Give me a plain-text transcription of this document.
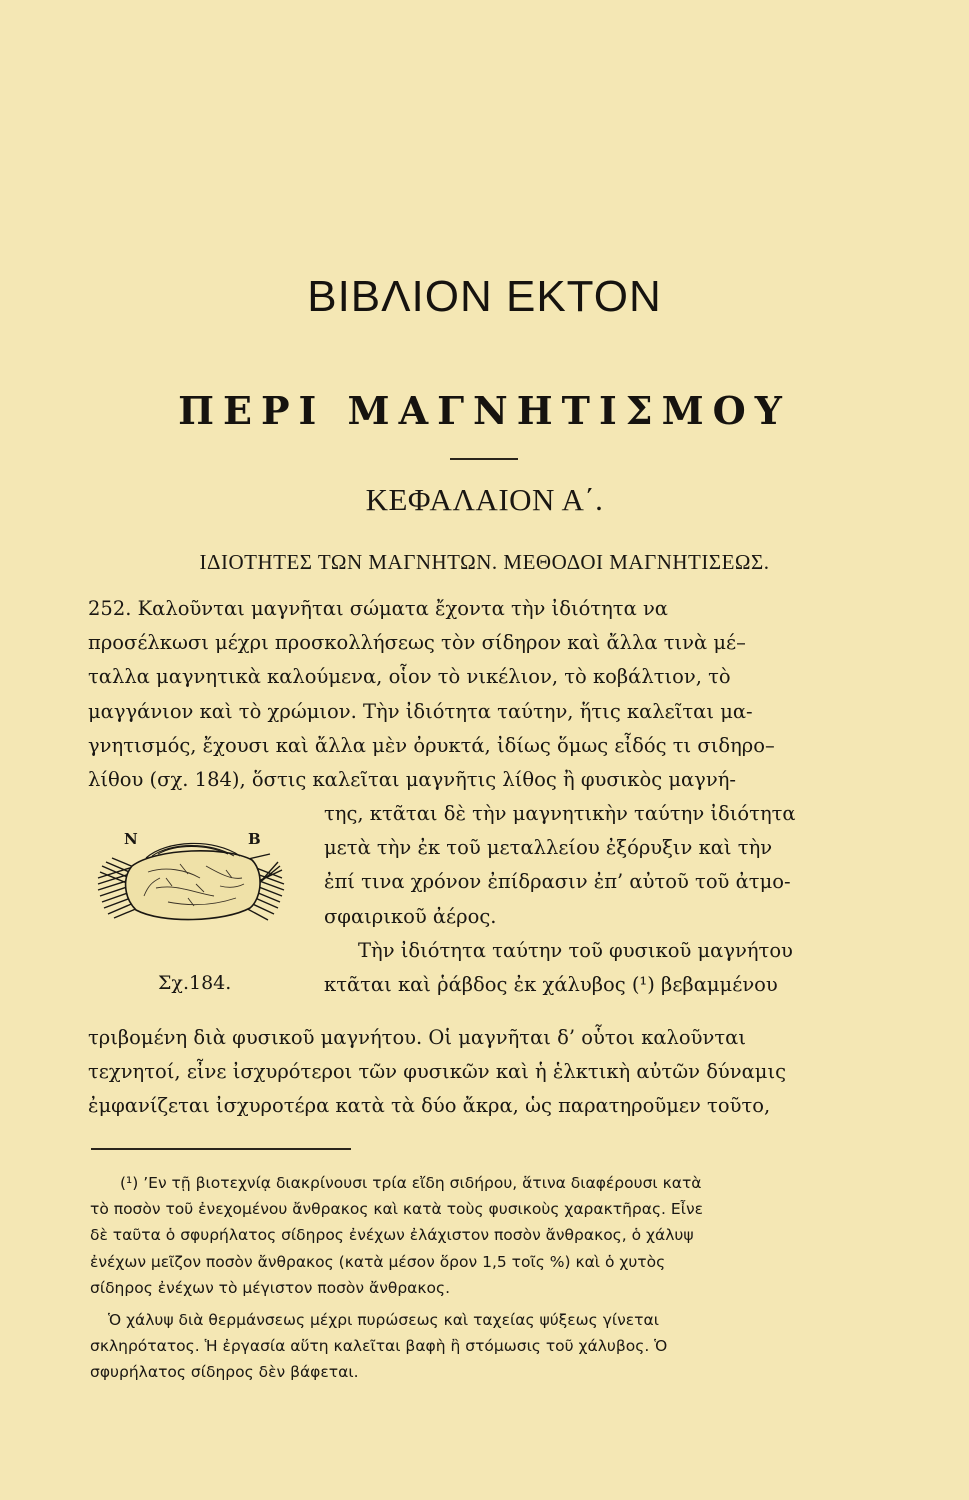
ΒΙΒΛΙΟΝ ΕΚΤΟΝ
ΠΕΡΙ ΜΑΓΝΗΤΙΣΜΟΥ
ΚΕΦΑΛΑΙΟΝ Α΄.
ΙΔΙΟΤΗΤΕΣ ΤΩΝ ΜΑΓΝΗΤΩΝ. ΜΕΘΟΔΟΙ ΜΑΓΝΗΤΙΣΕΩΣ.
252. Καλοῦνται μαγνῆται σώματα ἔχοντα τὴν ἰδιότητα να
προσέλκωσι μέχρι προσκολλήσεως τὸν σίδηρον καὶ ἄλλα τινὰ μέ–
ταλλα μαγνητικὰ καλούμενα, οἷον τὸ νικέλιον, τὸ κοβάλτιον, τὸ
μαγγάνιον καὶ τὸ χρώμιον. Τὴν ἰδιότητα ταύτην, ἥτις καλεῖται μα-
γνητισμός, ἔχουσι καὶ ἄλλα μὲν ὀρυκτά, ἰδίως ὅμως εἶδός τι σιδηρο–
λίθου (σχ. 184), ὅστις καλεῖται μαγνῆτις λίθος ἢ φυσικὸς μαγνή-
της, κτᾶται δὲ τὴν μαγνητικὴν ταύτην ἰδιότητα
μετὰ τὴν ἐκ τοῦ μεταλλείου ἐξόρυξιν καὶ τὴν
ἐπί τινα χρόνον ἐπίδρασιν ἐπ’ αὐτοῦ τοῦ ἀτμο-
σφαιρικοῦ ἀέρος.
Τὴν ἰδιότητα ταύτην τοῦ φυσικοῦ μαγνήτου
κτᾶται καὶ ῥάβδος ἐκ χάλυβος (¹) βεβαμμένου
τριβομένη διὰ φυσικοῦ μαγνήτου. Οἱ μαγνῆται δ’ οὗτοι καλοῦνται
τεχνητοί, εἶνε ἰσχυρότεροι τῶν φυσικῶν καὶ ἡ ἑλκτικὴ αὐτῶν δύναμις
ἐμφανίζεται ἰσχυροτέρα κατὰ τὰ δύο ἄκρα, ὡς παρατηροῦμεν τοῦτο,
N	B
Σχ.184.
(¹) ’Εν τῇ βιοτεχνίᾳ διακρίνουσι τρία εἴδη σιδήρου, ἅτινα διαφέρουσι κατὰ
τὸ ποσὸν τοῦ ἐνεχομένου ἄνθρακος καὶ κατὰ τοὺς φυσικοὺς χαρακτῆρας. Εἶνε
δὲ ταῦτα ὁ σφυρήλατος σίδηρος ἐνέχων ἐλάχιστον ποσὸν ἄνθρακος, ὁ χάλυψ
ἐνέχων μεῖζον ποσὸν ἄνθρακος (κατὰ μέσον ὅρον 1,5 τοῖς %) καὶ ὁ χυτὸς
σίδηρος ἐνέχων τὸ μέγιστον ποσὸν ἄνθρακος.
Ὁ χάλυψ διὰ θερμάνσεως μέχρι πυρώσεως καὶ ταχείας ψύξεως γίνεται
σκληρότατος. Ἡ ἐργασία αὕτη καλεῖται βαφὴ ἢ στόμωσις τοῦ χάλυβος. Ὁ
σφυρήλατος σίδηρος δὲν βάφεται.
